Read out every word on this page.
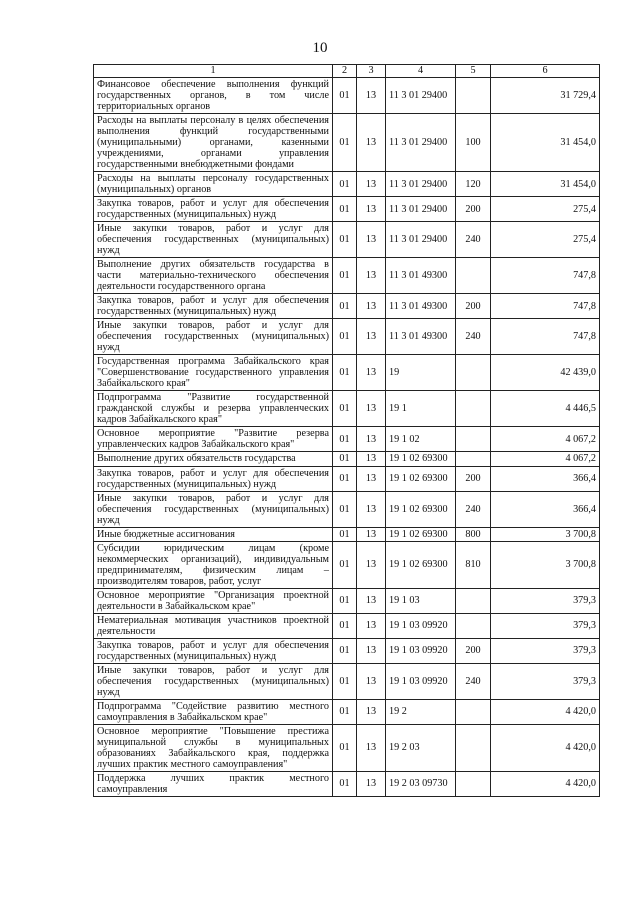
10
1	2	3	4	5	6
Финансовое обеспечение выполнения функций государственных органов, в том числе территориальных органов	01	13	11 3 01 29400		31 729,4
Расходы на выплаты персоналу в целях обеспечения выполнения функций государственными (муниципальными) органами, казенными учреждениями, органами управления государственными внебюджетными фондами	01	13	11 3 01 29400	100	31 454,0
Расходы на выплаты персоналу государственных (муниципальных) органов	01	13	11 3 01 29400	120	31 454,0
Закупка товаров, работ и услуг для обеспечения государственных (муниципальных) нужд	01	13	11 3 01 29400	200	275,4
Иные закупки товаров, работ и услуг для обеспечения государственных (муниципальных) нужд	01	13	11 3 01 29400	240	275,4
Выполнение других обязательств государства в части материально-технического обеспечения деятельности государственного органа	01	13	11 3 01 49300		747,8
Закупка товаров, работ и услуг для обеспечения государственных (муниципальных) нужд	01	13	11 3 01 49300	200	747,8
Иные закупки товаров, работ и услуг для обеспечения государственных (муниципальных) нужд	01	13	11 3 01 49300	240	747,8
Государственная программа Забайкальского края "Совершенствование государственного управления Забайкальского края"	01	13	19		42 439,0
Подпрограмма "Развитие государственной гражданской службы и резерва управленческих кадров Забайкальского края"	01	13	19 1		4 446,5
Основное мероприятие "Развитие резерва управленческих кадров Забайкальского края"	01	13	19 1 02		4 067,2
Выполнение других обязательств государства	01	13	19 1 02 69300		4 067,2
Закупка товаров, работ и услуг для обеспечения государственных (муниципальных) нужд	01	13	19 1 02 69300	200	366,4
Иные закупки товаров, работ и услуг для обеспечения государственных (муниципальных) нужд	01	13	19 1 02 69300	240	366,4
Иные бюджетные ассигнования	01	13	19 1 02 69300	800	3 700,8
Субсидии юридическим лицам (кроме некоммерческих организаций), индивидуальным предпринимателям, физическим лицам – производителям товаров, работ, услуг	01	13	19 1 02 69300	810	3 700,8
Основное мероприятие "Организация проектной деятельности в Забайкальском крае"	01	13	19 1 03		379,3
Нематериальная мотивация участников проектной деятельности	01	13	19 1 03 09920		379,3
Закупка товаров, работ и услуг для обеспечения государственных (муниципальных) нужд	01	13	19 1 03 09920	200	379,3
Иные закупки товаров, работ и услуг для обеспечения государственных (муниципальных) нужд	01	13	19 1 03 09920	240	379,3
Подпрограмма "Содействие развитию местного самоуправления в Забайкальском крае"	01	13	19 2		4 420,0
Основное мероприятие "Повышение престижа муниципальной службы в муниципальных образованиях Забайкальского края, поддержка лучших практик местного самоуправления"	01	13	19 2 03		4 420,0
Поддержка лучших практик местного самоуправления	01	13	19 2 03 09730		4 420,0
